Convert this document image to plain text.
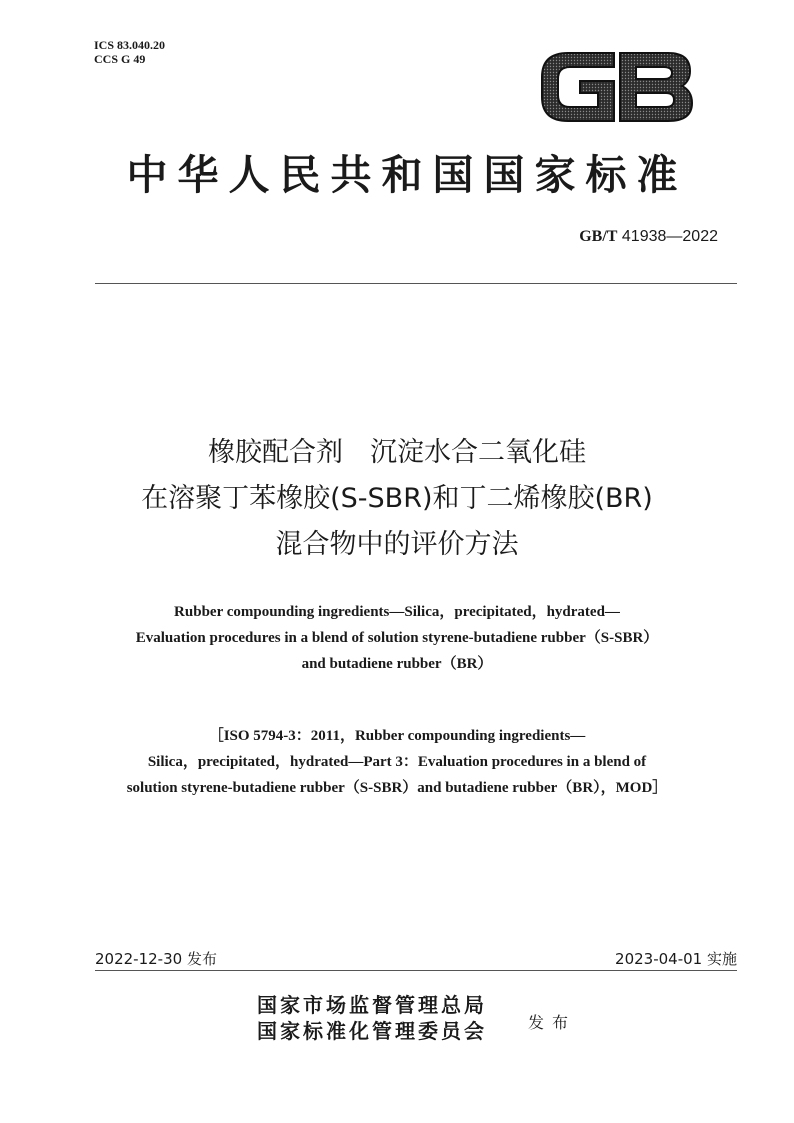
ICS 83.040.20
CCS G 49
中华人民共和国国家标准
GB/T 41938—2022
橡胶配合剂　沉淀水合二氧化硅
在溶聚丁苯橡胶(S-SBR)和丁二烯橡胶(BR)
混合物中的评价方法
Rubber compounding ingredients—Silica，precipitated，hydrated—
Evaluation procedures in a blend of solution styrene-butadiene rubber（S-SBR）
and butadiene rubber（BR）
［ISO 5794-3：2011，Rubber compounding ingredients—
Silica，precipitated，hydrated—Part 3：Evaluation procedures in a blend of
solution styrene-butadiene rubber（S-SBR）and butadiene rubber（BR），MOD］
2022-12-30 发布	2023-04-01 实施
国家市场监督管理总局
国家标准化管理委员会	发布
